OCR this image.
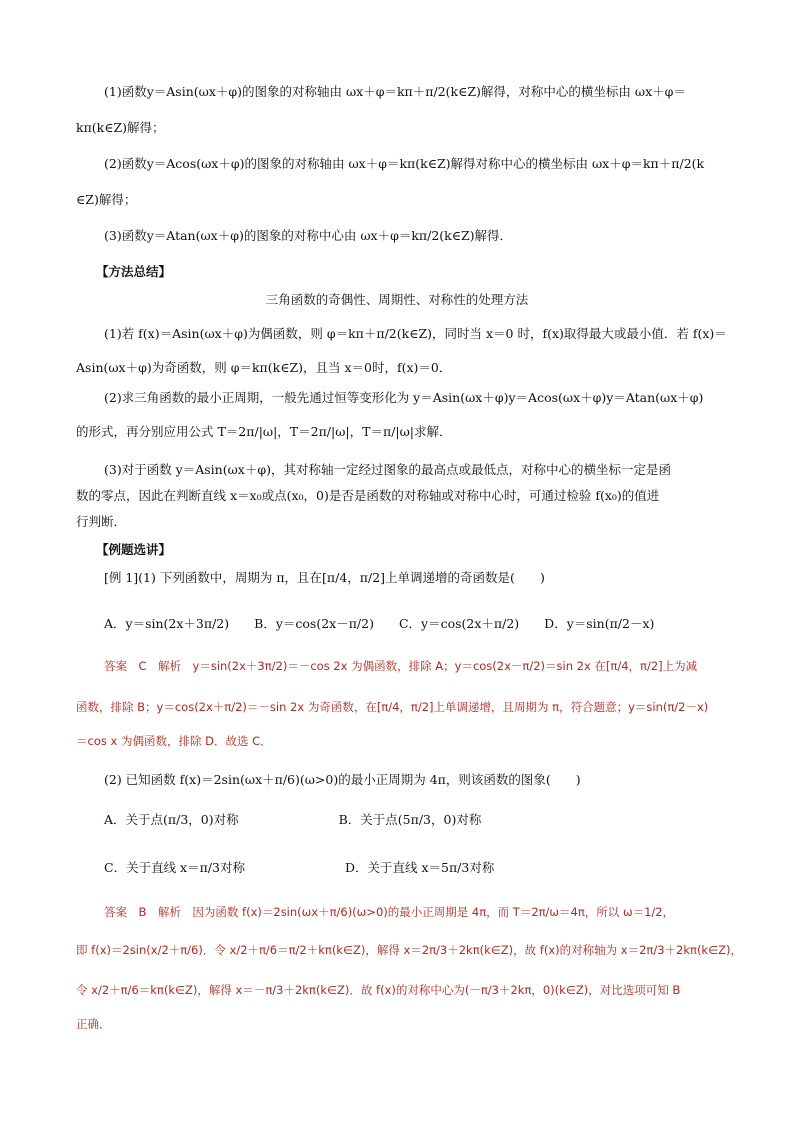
(1)函数y＝Asin(ωx＋φ)的图象的对称轴由 ωx＋φ＝kπ＋π/2(k∈Z)解得，对称中心的横坐标由 ωx＋φ＝
kπ(k∈Z)解得；
(2)函数y＝Acos(ωx＋φ)的图象的对称轴由 ωx＋φ＝kπ(k∈Z)解得对称中心的横坐标由 ωx＋φ＝kπ＋π/2(k
∈Z)解得；
(3)函数y＝Atan(ωx＋φ)的图象的对称中心由 ωx＋φ＝kπ/2(k∈Z)解得．
【方法总结】
三角函数的奇偶性、周期性、对称性的处理方法
(1)若 f(x)＝Asin(ωx＋φ)为偶函数，则 φ＝kπ＋π/2(k∈Z)，同时当 x＝0 时，f(x)取得最大或最小值．若 f(x)＝
Asin(ωx＋φ)为奇函数，则 φ＝kπ(k∈Z)，且当 x＝0时，f(x)＝0．
(2)求三角函数的最小正周期，一般先通过恒等变形化为 y＝Asin(ωx＋φ)y＝Acos(ωx＋φ)y＝Atan(ωx＋φ)
的形式，再分别应用公式 T＝2π/|ω|，T＝2π/|ω|，T＝π/|ω|求解．
(3)对于函数 y＝Asin(ωx＋φ)，其对称轴一定经过图象的最高点或最低点，对称中心的横坐标一定是函
数的零点，因此在判断直线 x＝x₀或点(x₀，0)是否是函数的对称轴或对称中心时，可通过检验 f(x₀)的值进
行判断．
【例题选讲】
[例 1](1) 下列函数中，周期为 π，且在[π/4，π/2]上单调递增的奇函数是(　　)
A．y＝sin(2x＋3π/2)　　B．y＝cos(2x－π/2)　　C．y＝cos(2x＋π/2)　　D．y＝sin(π/2－x)
答案　C　解析　y＝sin(2x＋3π/2)＝－cos 2x 为偶函数，排除 A；y＝cos(2x－π/2)＝sin 2x 在[π/4，π/2]上为减
函数，排除 B；y＝cos(2x＋π/2)＝－sin 2x 为奇函数，在[π/4，π/2]上单调递增，且周期为 π，符合题意；y＝sin(π/2－x)
＝cos x 为偶函数，排除 D．故选 C．
(2) 已知函数 f(x)＝2sin(ωx＋π/6)(ω>0)的最小正周期为 4π，则该函数的图象(　　)
A．关于点(π/3，0)对称　　　　　　　　B．关于点(5π/3，0)对称
C．关于直线 x＝π/3对称　　　　　　　　D．关于直线 x＝5π/3对称
答案　B　解析　因为函数 f(x)＝2sin(ωx＋π/6)(ω>0)的最小正周期是 4π，而 T＝2π/ω＝4π，所以 ω＝1/2，
即 f(x)＝2sin(x/2＋π/6)．令 x/2＋π/6＝π/2＋kπ(k∈Z)，解得 x＝2π/3＋2kπ(k∈Z)，故 f(x)的对称轴为 x＝2π/3＋2kπ(k∈Z)，
令 x/2＋π/6＝kπ(k∈Z)，解得 x＝－π/3＋2kπ(k∈Z)．故 f(x)的对称中心为(－π/3＋2kπ，0)(k∈Z)，对比选项可知 B
正确．
